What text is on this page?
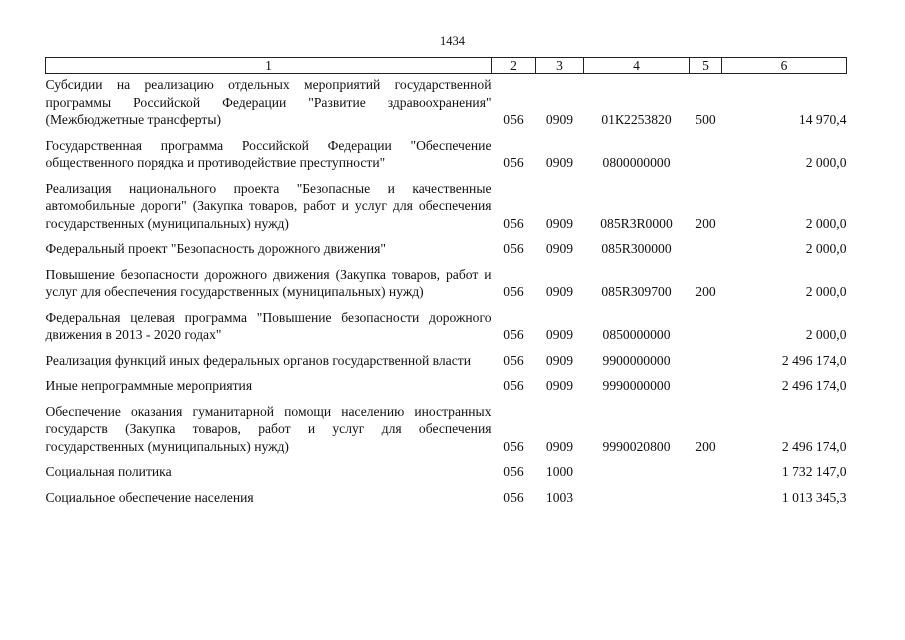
1434
1	2	3	4	5	6
Субсидии на реализацию отдельных мероприятий государственной программы Российской Федерации "Развитие здравоохранения" (Межбюджетные трансферты)	056	0909	01К2253820	500	14 970,4
Государственная программа Российской Федерации "Обеспечение общественного порядка и противодействие преступности"	056	0909	0800000000		2 000,0
Реализация национального проекта "Безопасные и качественные автомобильные дороги" (Закупка товаров, работ и услуг для обеспечения государственных (муниципальных) нужд)	056	0909	085R3R0000	200	2 000,0
Федеральный проект "Безопасность дорожного движения"	056	0909	085R300000		2 000,0
Повышение безопасности дорожного движения (Закупка товаров, работ и услуг для обеспечения государственных (муниципальных) нужд)	056	0909	085R309700	200	2 000,0
Федеральная целевая программа "Повышение безопасности дорожного движения в 2013 - 2020 годах"	056	0909	0850000000		2 000,0
Реализация функций иных федеральных органов государственной власти	056	0909	9900000000		2 496 174,0
Иные непрограммные мероприятия	056	0909	9990000000		2 496 174,0
Обеспечение оказания гуманитарной помощи населению иностранных государств (Закупка товаров, работ и услуг для обеспечения государственных (муниципальных) нужд)	056	0909	9990020800	200	2 496 174,0
Социальная политика	056	1000			1 732 147,0
Социальное обеспечение населения	056	1003			1 013 345,3
